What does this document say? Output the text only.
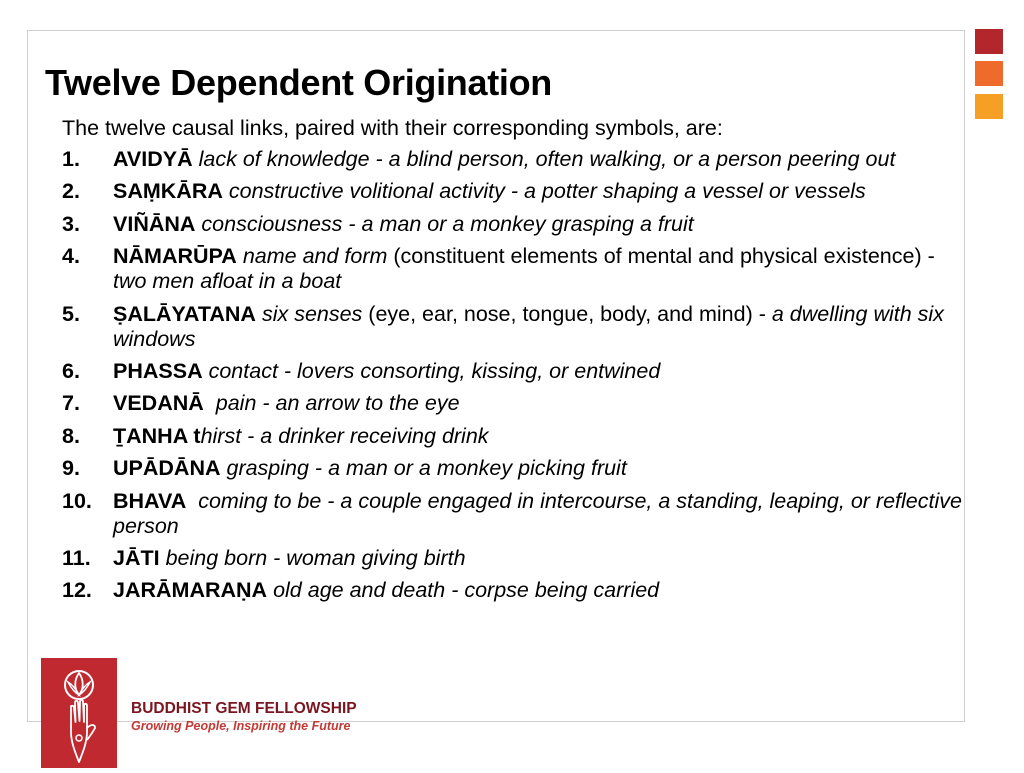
Twelve Dependent Origination

The twelve causal links, paired with their corresponding symbols, are:

1. AVIDYĀ lack of knowledge - a blind person, often walking, or a person peering out
2. SAṂKĀRA constructive volitional activity - a potter shaping a vessel or vessels
3. VIÑĀNA consciousness - a man or a monkey grasping a fruit
4. NĀMARŪPA name and form (constituent elements of mental and physical existence) - two men afloat in a boat
5. ṢALĀYATANA six senses (eye, ear, nose, tongue, body, and mind) - a dwelling with six windows
6. PHASSA contact - lovers consorting, kissing, or entwined
7. VEDANĀ pain - an arrow to the eye
8. ṮANHA thirst - a drinker receiving drink
9. UPĀDĀNA grasping - a man or a monkey picking fruit
10. BHAVA coming to be - a couple engaged in intercourse, a standing, leaping, or reflective person
11. JĀTI being born - woman giving birth
12. JARĀMARAṆA old age and death - corpse being carried
BUDDHIST GEM FELLOWSHIP
Growing People, Inspiring the Future
